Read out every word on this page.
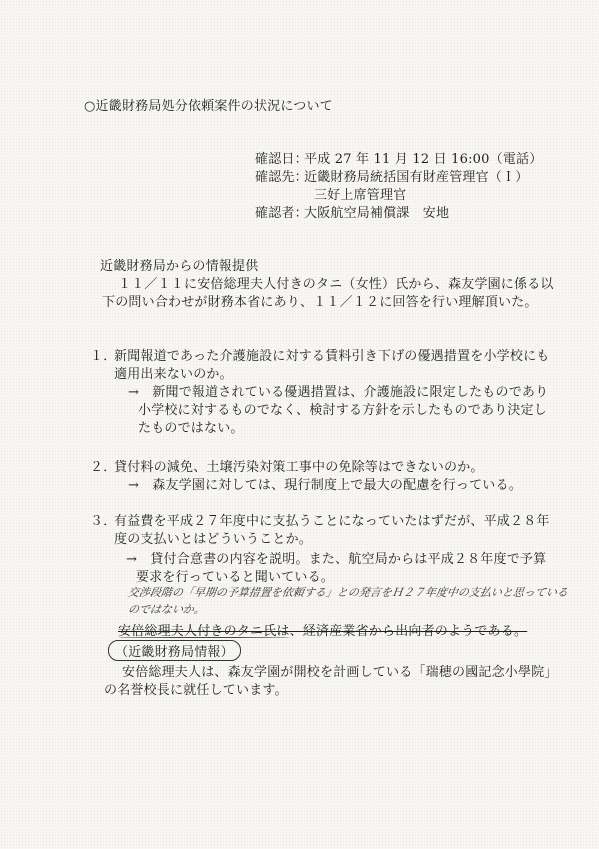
○近畿財務局処分依頼案件の状況について
確認日：
平成 27 年 11 月 12 日 16:00（電話）
確認先：
近畿財務局統括国有財産管理官（Ｉ）
三好上席管理官
確認者：
大阪航空局補償課　安地
近畿財務局からの情報提供
１１／１１に安倍総理夫人付きのタニ（女性）氏から、森友学園に係る以
下の問い合わせが財務本省にあり、１１／１２に回答を行い理解頂いた。
１．
新聞報道であった介護施設に対する賃料引き下げの優遇措置を小学校にも
適用出来ないのか。
→　新聞で報道されている優遇措置は、介護施設に限定したものであり
小学校に対するものでなく、検討する方針を示したものであり決定し
たものではない。
２．
貸付料の減免、土壌汚染対策工事中の免除等はできないのか。
→　森友学園に対しては、現行制度上で最大の配慮を行っている。
３．
有益費を平成２７年度中に支払うことになっていたはずだが、平成２８年
度の支払いとはどういうことか。
→　貸付合意書の内容を説明。また、航空局からは平成２８年度で予算
要求を行っていると聞いている。
交渉段階の「早期の予算措置を依頼する」との発言をＨ２７年度中の支払いと思っている
のではないか。
安倍総理夫人付きのタニ氏は、経済産業省から出向者のようである。
（近畿財務局情報）
安倍総理夫人は、森友学園が開校を計画している「瑞穂の國記念小學院」
の名誉校長に就任しています。
